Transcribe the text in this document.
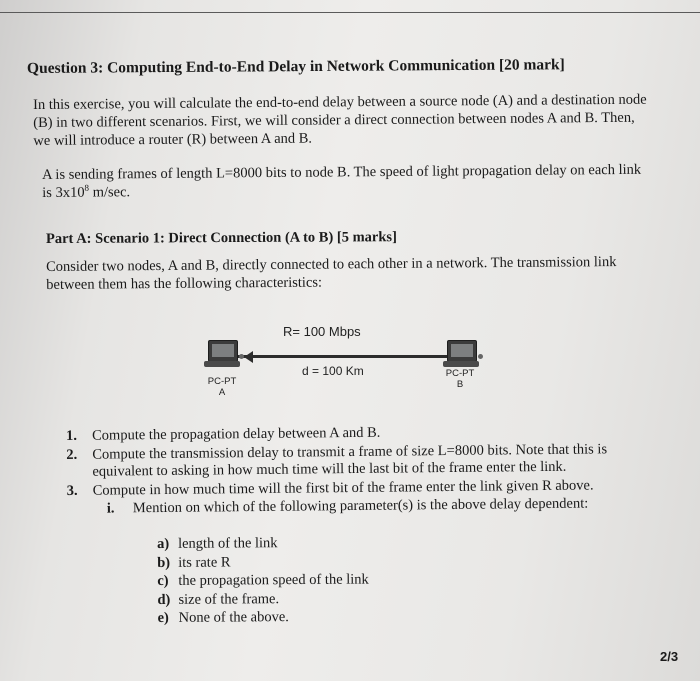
Question 3: Computing End-to-End Delay in Network Communication [20 mark]
In this exercise, you will calculate the end-to-end delay between a source node (A) and a destination node (B) in two different scenarios. First, we will consider a direct connection between nodes A and B. Then, we will introduce a router (R) between A and B.
A is sending frames of length L=8000 bits to node B. The speed of light propagation delay on each link is $3x10^8$ m/sec.
Part A: Scenario 1: Direct Connection (A to B) [5 marks]
Consider two nodes, A and B, directly connected to each other in a network. The transmission link between them has the following characteristics:
R= 100 Mbps
d = 100 Km
PC-PT
A
PC-PT
B
1. Compute the propagation delay between A and B.
2. Compute the transmission delay to transmit a frame of size L=8000 bits. Note that this is equivalent to asking in how much time will the last bit of the frame enter the link.
3. Compute in how much time will the first bit of the frame enter the link given R above.
i. Mention on which of the following parameter(s) is the above delay dependent:
a) length of the link
b) its rate R
c) the propagation speed of the link
d) size of the frame.
e) None of the above.
2/3
